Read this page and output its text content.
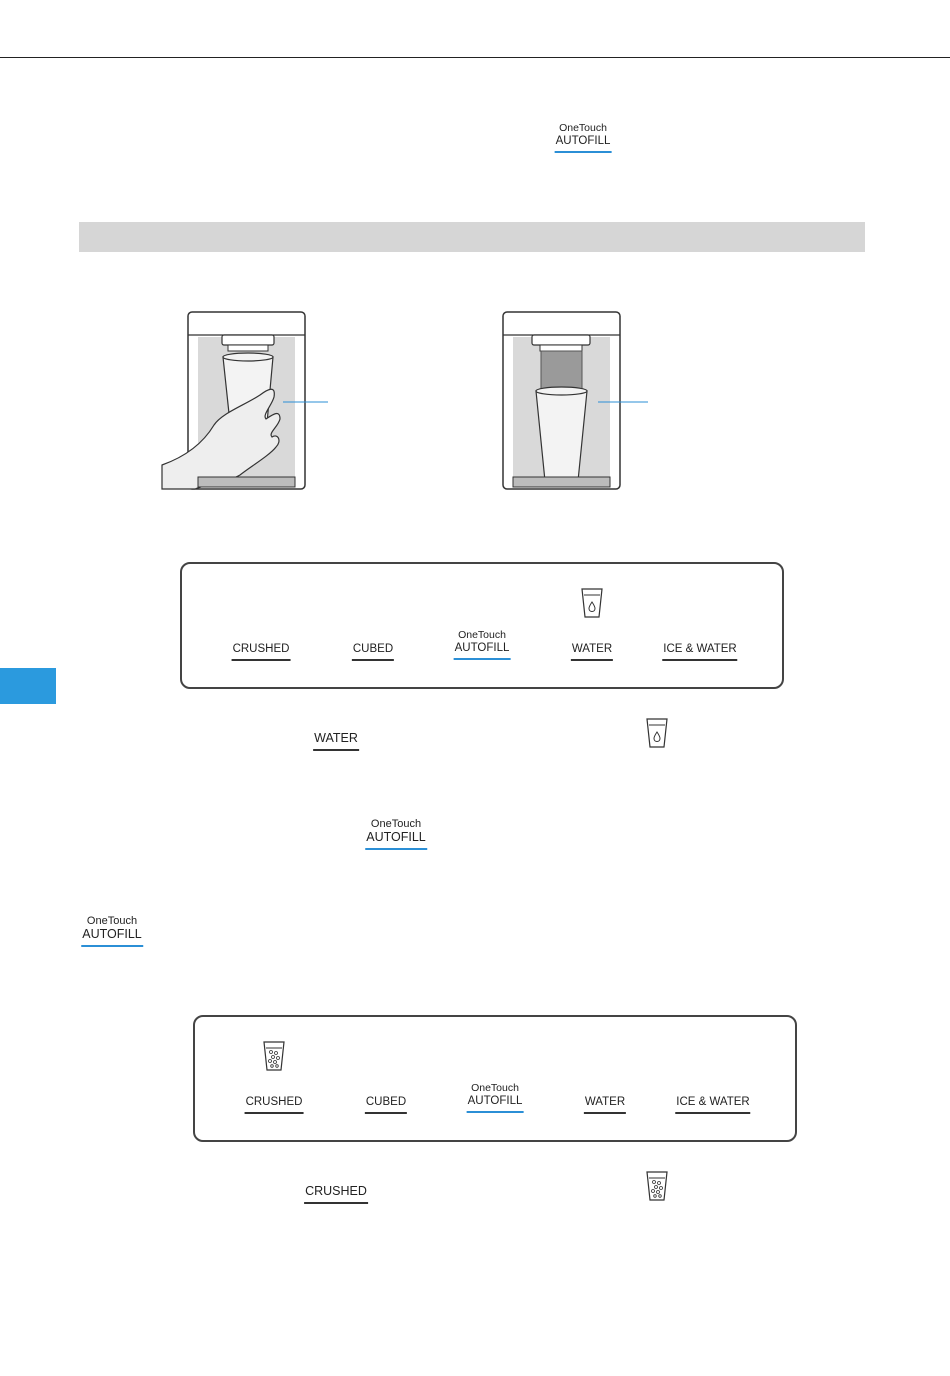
OneTouch
AUTOFILL
CRUSHED	CUBED
OneTouch
AUTOFILL	WATER	ICE & WATER
WATER
OneTouch
AUTOFILL
OneTouch
AUTOFILL
CRUSHED	CUBED
OneTouch
AUTOFILL	WATER	ICE & WATER
CRUSHED
